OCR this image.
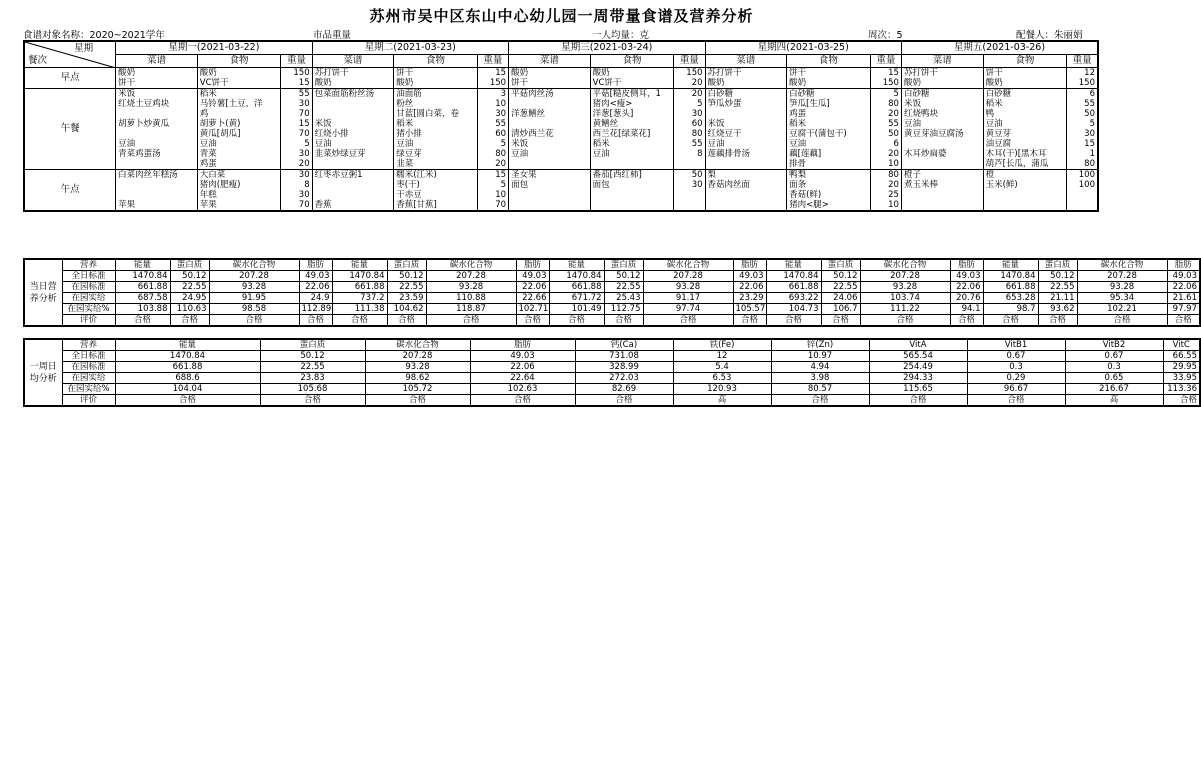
苏州市吴中区东山中心幼儿园一周带量食谱及营养分析
食谱对象名称：2020~2021学年	市品重量	一人均量：克	周次：5	配餐人：朱丽娟
星期
餐次	星期一(2021-03-22)			星期二(2021-03-23)			星期三(2021-03-24)			星期四(2021-03-25)			星期五(2021-03-26)		
	菜谱	食物	重量	菜谱	食物	重量	菜谱	食物	重量	菜谱	食物	重量	菜谱	食物	重量
早点	酸奶	酸奶	150	苏打饼干	饼干	15	酸奶	酸奶	150	苏打饼干	饼干	15	苏打饼干	饼干	12
	饼干	VC饼干	15	酸奶	酸奶	150	饼干	VC饼干	20	酸奶	酸奶	150	酸奶	酸奶	150
午餐	米饭	稻米	55	包菜面筋粉丝汤	油面筋	3	平菇肉丝汤	平菇[糙皮侧耳，1	20	白砂糖	白砂糖	5	白砂糖	白砂糖	6
	红烧土豆鸡块	马铃薯[土豆，洋	30		粉丝	10		猪肉<瘦>	5	笋瓜炒蛋	笋瓜[生瓜]	80	米饭	稻米	55
		鸡	70		甘蓝[圆白菜，卷	30	洋葱鳝丝	洋葱[葱头]	30		鸡蛋	20	红烧鸭块	鸭	50
	胡萝卜炒黄瓜	胡萝卜(黄)	15	米饭	稻米	55		黄鳝丝	60	米饭	稻米	55	豆油	豆油	5
		黄瓜[胡瓜]	70	红烧小排	猪小排	60	清炒西兰花	西兰花[绿菜花]	80	红烧豆干	豆腐干(蒲包干)	50	黄豆芽油豆腐汤	黄豆芽	30
	豆油	豆油	5	豆油	豆油	5	米饭	稻米	55	豆油	豆油	6		油豆腐	15
	青菜鸡蛋汤	青菜	30	韭菜炒绿豆芽	绿豆芽	80	豆油	豆油	8	莲藕排骨汤	藕[莲藕]	20	木耳炒扁婆	木耳(干)[黑木耳	1
		鸡蛋	20		韭菜	20					排骨	10		葫芦[长瓜，蒲瓜	80
午点	白菜肉丝年糕汤	大白菜	30	红枣赤豆粥1	糯米(江米)	15	圣女果	番茄[西红柿]	50	梨	鸭梨	80	橙子	橙	100
		猪肉(肥瘦)	8		枣(干)	5	面包	面包	30	香菇肉丝面	面条	20	煮玉米棒	玉米(鲜)	100
		年糕	30		干赤豆	10					香菇(鲜)	25			
	苹果	苹果	70	香蕉	香蕉[甘蕉]	70					猪肉<腿>	10			
当日营养分析	营养	能量	蛋白质	碳水化合物	脂肪	能量	蛋白质	碳水化合物	脂肪	能量	蛋白质	碳水化合物	脂肪	能量	蛋白质	碳水化合物	脂肪	能量	蛋白质	碳水化合物	脂肪
	全日标准	1470.84	50.12	207.28	49.03	1470.84	50.12	207.28	49.03	1470.84	50.12	207.28	49.03	1470.84	50.12	207.28	49.03	1470.84	50.12	207.28	49.03
	在园标准	661.88	22.55	93.28	22.06	661.88	22.55	93.28	22.06	661.88	22.55	93.28	22.06	661.88	22.55	93.28	22.06	661.88	22.55	93.28	22.06
	在园实给	687.58	24.95	91.95	24.9	737.2	23.59	110.88	22.66	671.72	25.43	91.17	23.29	693.22	24.06	103.74	20.76	653.28	21.11	95.34	21.61
	在园实给%	103.88	110.63	98.58	112.89	111.38	104.62	118.87	102.71	101.49	112.75	97.74	105.57	104.73	106.7	111.22	94.1	98.7	93.62	102.21	97.97
	评价	合格	合格	合格	合格	合格	合格	合格	合格	合格	合格	合格	合格	合格	合格	合格	合格	合格	合格	合格	合格
一周日均分析	营养	能量	蛋白质	碳水化合物	脂肪	钙(Ca)	铁(Fe)	锌(Zn)	VitA	VitB1	VitB2	VitC
	全日标准	1470.84	50.12	207.28	49.03	731.08	12	10.97	565.54	0.67	0.67	66.55
	在园标准	661.88	22.55	93.28	22.06	328.99	5.4	4.94	254.49	0.3	0.3	29.95
	在园实给	688.6	23.83	98.62	22.64	272.03	6.53	3.98	294.33	0.29	0.65	33.95
	在园实给%	104.04	105.68	105.72	102.63	82.69	120.93	80.57	115.65	96.67	216.67	113.36
	评价	合格	合格	合格	合格	合格	高	合格	合格	合格	高	合格
